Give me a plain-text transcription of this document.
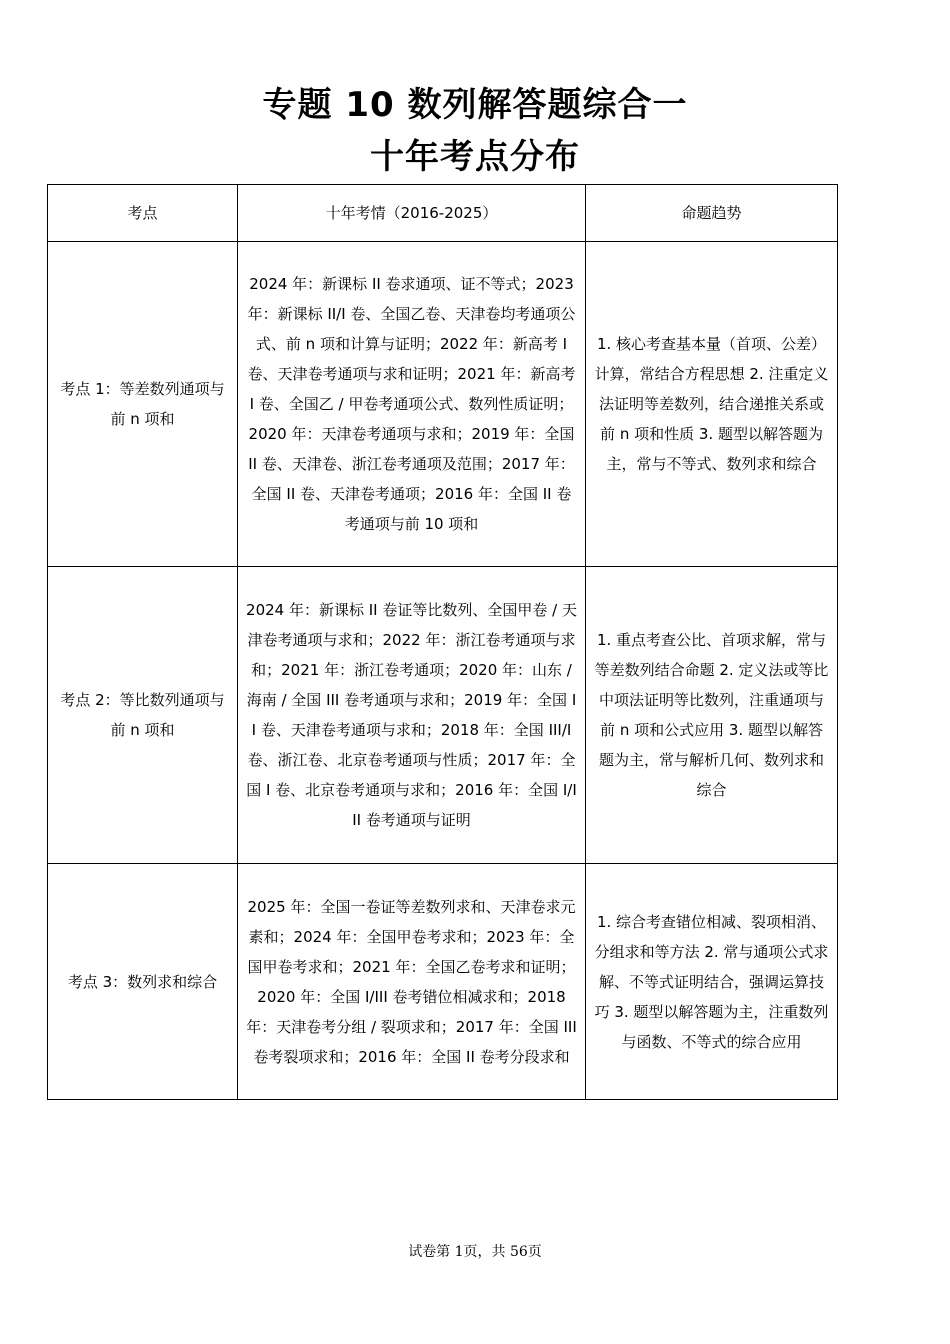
专题 10 数列解答题综合一
十年考点分布
考点	十年考情（2016-2025）	命题趋势
考点 1：等差数列通项与前 n 项和	2024 年：新课标 II 卷求通项、证不等式；2023 年：新课标 II/I 卷、全国乙卷、天津卷均考通项公式、前 n 项和计算与证明；2022 年：新高考 I 卷、天津卷考通项与求和证明；2021 年：新高考 I 卷、全国乙 / 甲卷考通项公式、数列性质证明；2020 年：天津卷考通项与求和；2019 年：全国 II 卷、天津卷、浙江卷考通项及范围；2017 年：全国 II 卷、天津卷考通项；2016 年：全国 II 卷考通项与前 10 项和	1. 核心考查基本量（首项、公差）计算，常结合方程思想 2. 注重定义法证明等差数列，结合递推关系或前 n 项和性质 3. 题型以解答题为主，常与不等式、数列求和综合
考点 2：等比数列通项与前 n 项和	2024 年：新课标 II 卷证等比数列、全国甲卷 / 天津卷考通项与求和；2022 年：浙江卷考通项与求和；2021 年：浙江卷考通项；2020 年：山东 / 海南 / 全国 III 卷考通项与求和；2019 年：全国 II 卷、天津卷考通项与求和；2018 年：全国 III/I 卷、浙江卷、北京卷考通项与性质；2017 年：全国 I 卷、北京卷考通项与求和；2016 年：全国 I/III 卷考通项与证明	1. 重点考查公比、首项求解，常与等差数列结合命题 2. 定义法或等比中项法证明等比数列，注重通项与前 n 项和公式应用 3. 题型以解答题为主，常与解析几何、数列求和综合
考点 3：数列求和综合	2025 年：全国一卷证等差数列求和、天津卷求元素和；2024 年：全国甲卷考求和；2023 年：全国甲卷考求和；2021 年：全国乙卷考求和证明；2020 年：全国 I/III 卷考错位相减求和；2018 年：天津卷考分组 / 裂项求和；2017 年：全国 III 卷考裂项求和；2016 年：全国 II 卷考分段求和	1. 综合考查错位相减、裂项相消、分组求和等方法 2. 常与通项公式求解、不等式证明结合，强调运算技巧 3. 题型以解答题为主，注重数列与函数、不等式的综合应用
试卷第 1页，共 56页
